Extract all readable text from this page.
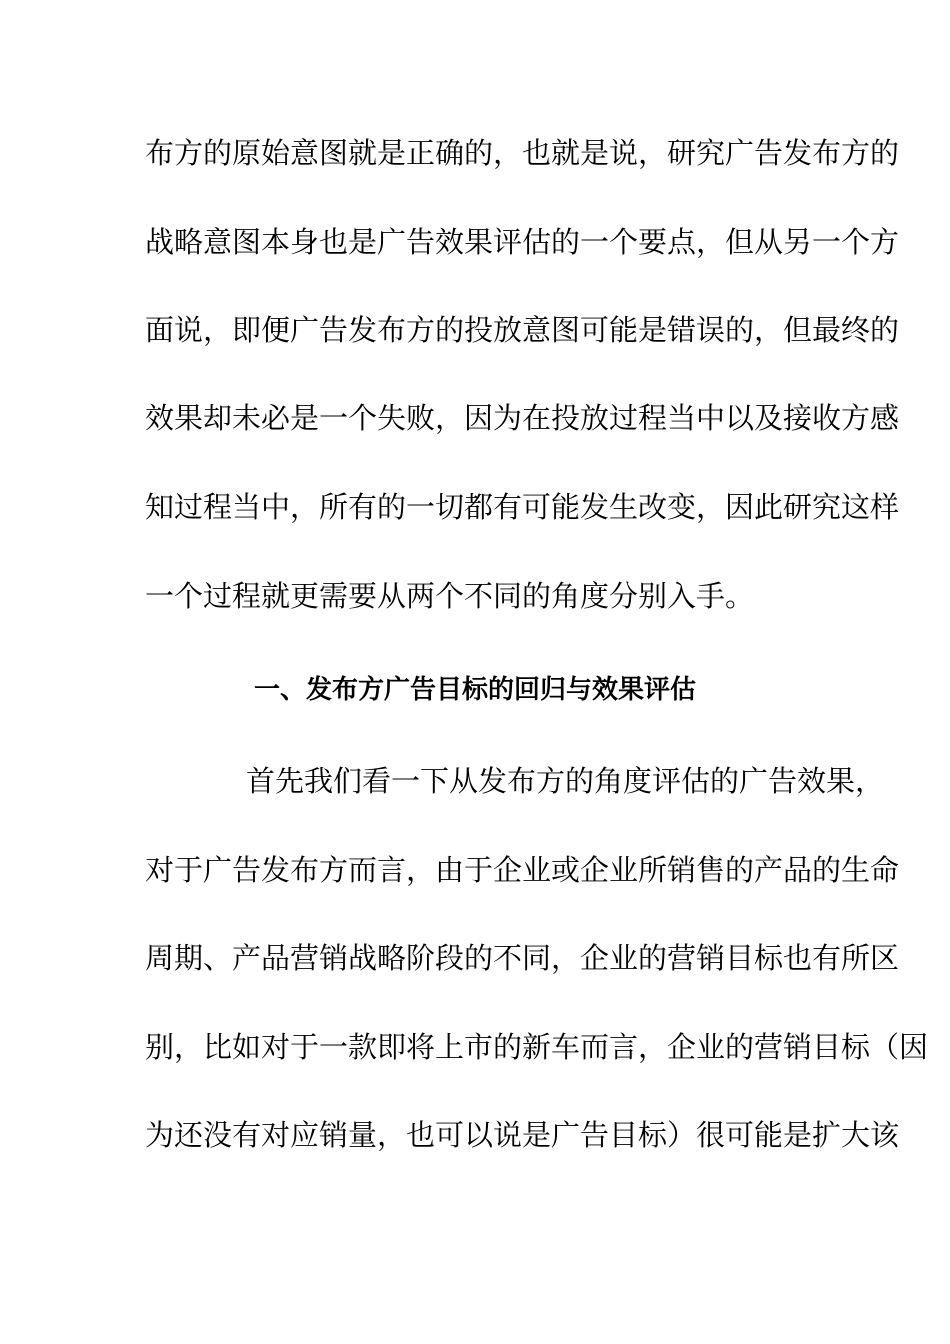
布方的原始意图就是正确的，也就是说，研究广告发布方的
战略意图本身也是广告效果评估的一个要点，但从另一个方
面说，即便广告发布方的投放意图可能是错误的，但最终的
效果却未必是一个失败，因为在投放过程当中以及接收方感
知过程当中，所有的一切都有可能发生改变，因此研究这样
一个过程就更需要从两个不同的角度分别入手。
一、发布方广告目标的回归与效果评估
首先我们看一下从发布方的角度评估的广告效果，
对于广告发布方而言，由于企业或企业所销售的产品的生命
周期、产品营销战略阶段的不同，企业的营销目标也有所区
别，比如对于一款即将上市的新车而言，企业的营销目标（因
为还没有对应销量，也可以说是广告目标）很可能是扩大该
